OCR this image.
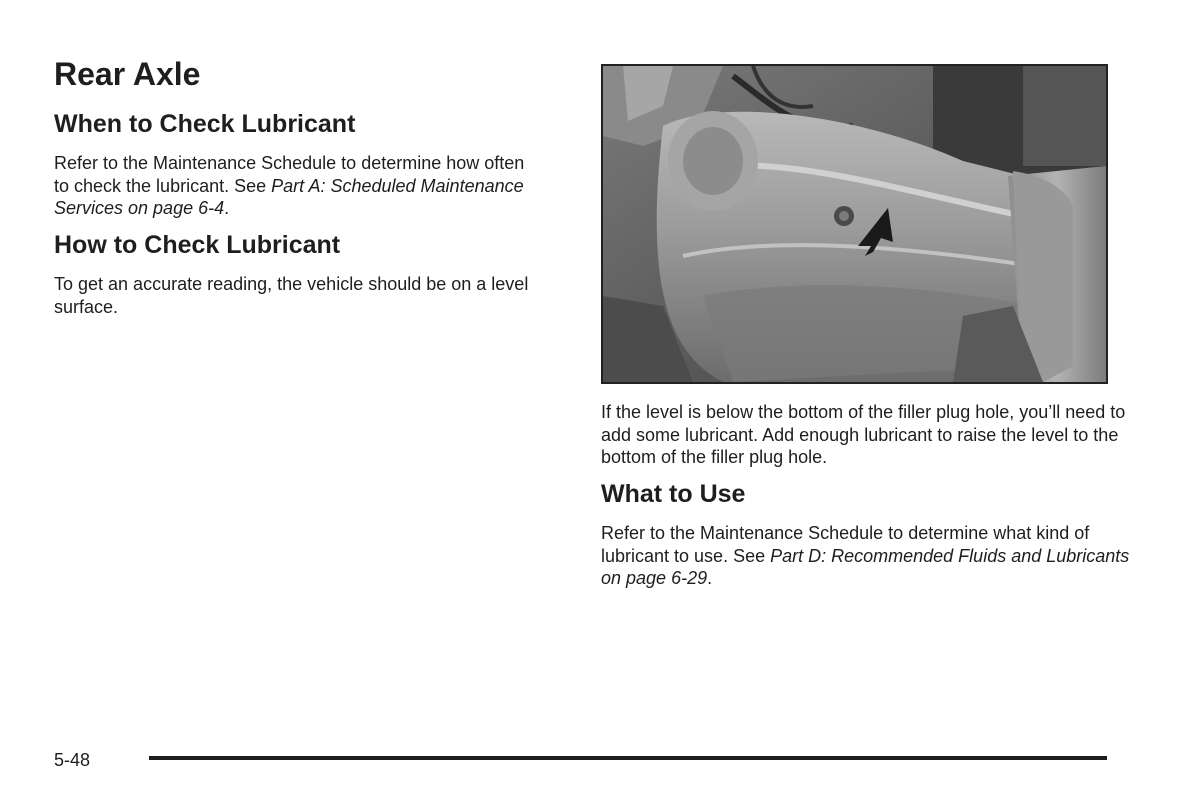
Rear Axle
When to Check Lubricant

Refer to the Maintenance Schedule to determine how often to check the lubricant. See Part A: Scheduled Maintenance Services on page 6-4.

How to Check Lubricant

To get an accurate reading, the vehicle should be on a level surface.

If the level is below the bottom of the filler plug hole, you’ll need to add some lubricant. Add enough lubricant to raise the level to the bottom of the filler plug hole.

What to Use

Refer to the Maintenance Schedule to determine what kind of lubricant to use. See Part D: Recommended Fluids and Lubricants on page 6-29.

5-48
